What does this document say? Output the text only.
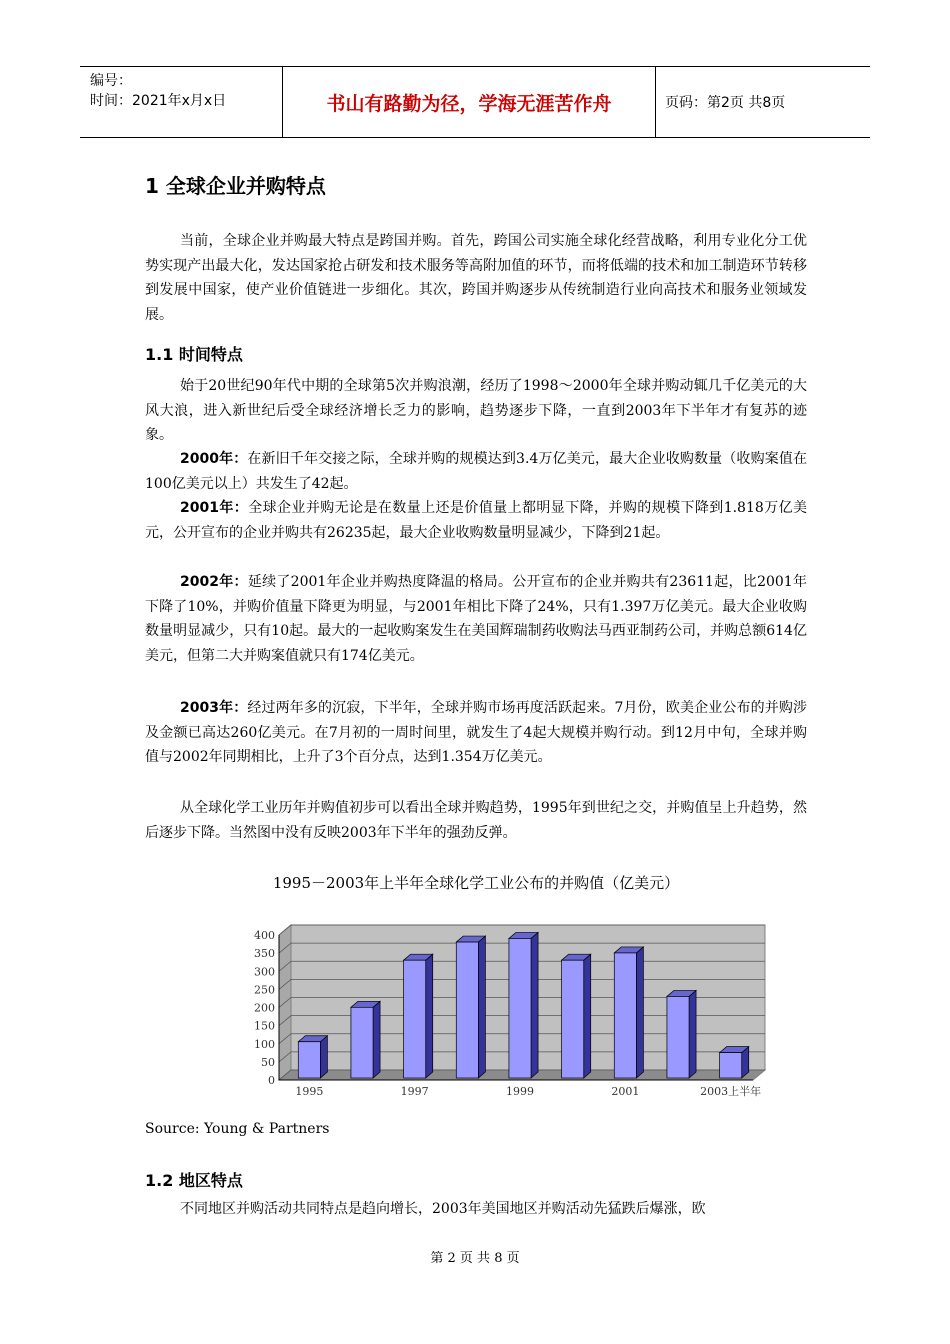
编号：
时间：2021年x月x日	书山有路勤为径，学海无涯苦作舟	页码：第2页 共8页
1 全球企业并购特点

当前，全球企业并购最大特点是跨国并购。首先，跨国公司实施全球化经营战略，利用专业化分工优势实现产出最大化，发达国家抢占研发和技术服务等高附加值的环节，而将低端的技术和加工制造环节转移到发展中国家，使产业价值链进一步细化。其次，跨国并购逐步从传统制造行业向高技术和服务业领域发展。

1.1 时间特点

始于20世纪90年代中期的全球第5次并购浪潮，经历了1998～2000年全球并购动辄几千亿美元的大风大浪，进入新世纪后受全球经济增长乏力的影响，趋势逐步下降，一直到2003年下半年才有复苏的迹象。

2000年：在新旧千年交接之际，全球并购的规模达到3.4万亿美元，最大企业收购数量（收购案值在100亿美元以上）共发生了42起。

2001年：全球企业并购无论是在数量上还是价值量上都明显下降，并购的规模下降到1.818万亿美元，公开宣布的企业并购共有26235起，最大企业收购数量明显减少，下降到21起。

2002年：延续了2001年企业并购热度降温的格局。公开宣布的企业并购共有23611起，比2001年下降了10%，并购价值量下降更为明显，与2001年相比下降了24%，只有1.397万亿美元。最大企业收购数量明显减少，只有10起。最大的一起收购案发生在美国辉瑞制药收购法马西亚制药公司，并购总额614亿美元，但第二大并购案值就只有174亿美元。

2003年：经过两年多的沉寂，下半年，全球并购市场再度活跃起来。7月份，欧美企业公布的并购涉及金额已高达260亿美元。在7月初的一周时间里，就发生了4起大规模并购行动。到12月中旬，全球并购值与2002年同期相比，上升了3个百分点，达到1.354万亿美元。

从全球化学工业历年并购值初步可以看出全球并购趋势，1995年到世纪之交，并购值呈上升趋势，然后逐步下降。当然图中没有反映2003年下半年的强劲反弹。

1995－2003年上半年全球化学工业公布的并购值（亿美元）

0
50
100
150
200
250
300
350
400
1995	1997	1999	2001	2003上半年

Source: Young & Partners

1.2 地区特点

不同地区并购活动共同特点是趋向增长，2003年美国地区并购活动先猛跌后爆涨，欧

第 2 页 共 8 页
